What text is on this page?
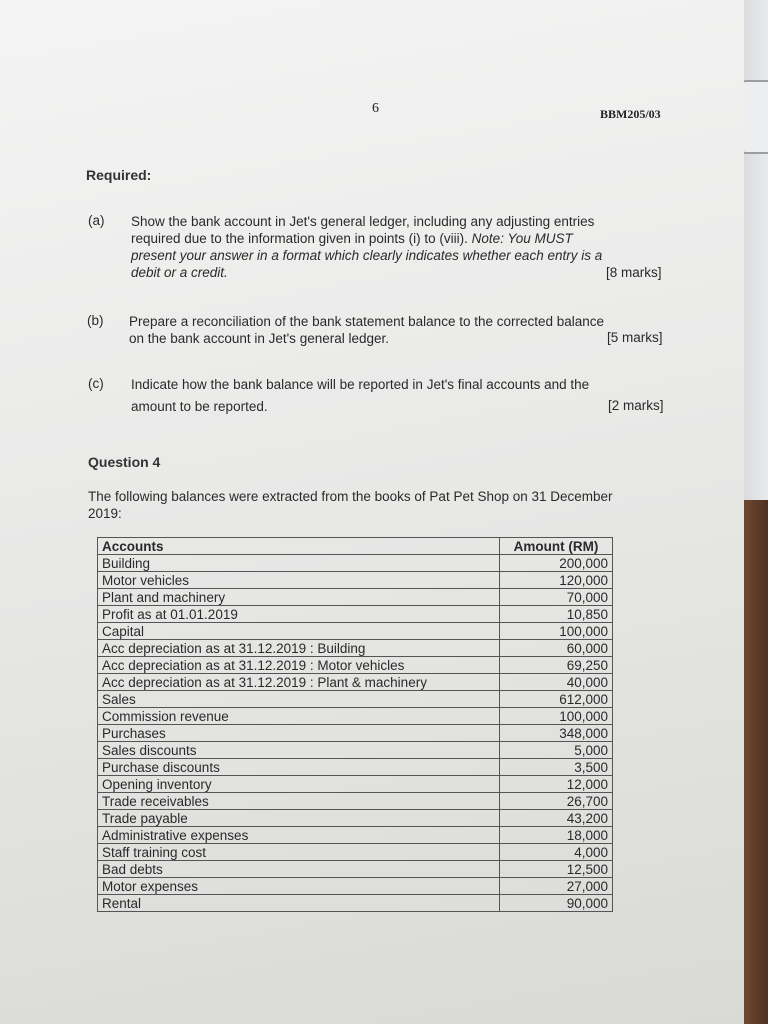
6	BBM205/03
Required:
(a) Show the bank account in Jet's general ledger, including any adjusting entries
required due to the information given in points (i) to (viii). Note: You MUST
present your answer in a format which clearly indicates whether each entry is a
debit or a credit.	[8 marks]
(b) Prepare a reconciliation of the bank statement balance to the corrected balance
on the bank account in Jet's general ledger.	[5 marks]
(c) Indicate how the bank balance will be reported in Jet's final accounts and the
amount to be reported.	[2 marks]
Question 4
The following balances were extracted from the books of Pat Pet Shop on 31 December
2019:
Accounts	Amount (RM)
Building	200,000
Motor vehicles	120,000
Plant and machinery	70,000
Profit as at 01.01.2019	10,850
Capital	100,000
Acc depreciation as at 31.12.2019 : Building	60,000
Acc depreciation as at 31.12.2019 : Motor vehicles	69,250
Acc depreciation as at 31.12.2019 : Plant & machinery	40,000
Sales	612,000
Commission revenue	100,000
Purchases	348,000
Sales discounts	5,000
Purchase discounts	3,500
Opening inventory	12,000
Trade receivables	26,700
Trade payable	43,200
Administrative expenses	18,000
Staff training cost	4,000
Bad debts	12,500
Motor expenses	27,000
Rental	90,000
